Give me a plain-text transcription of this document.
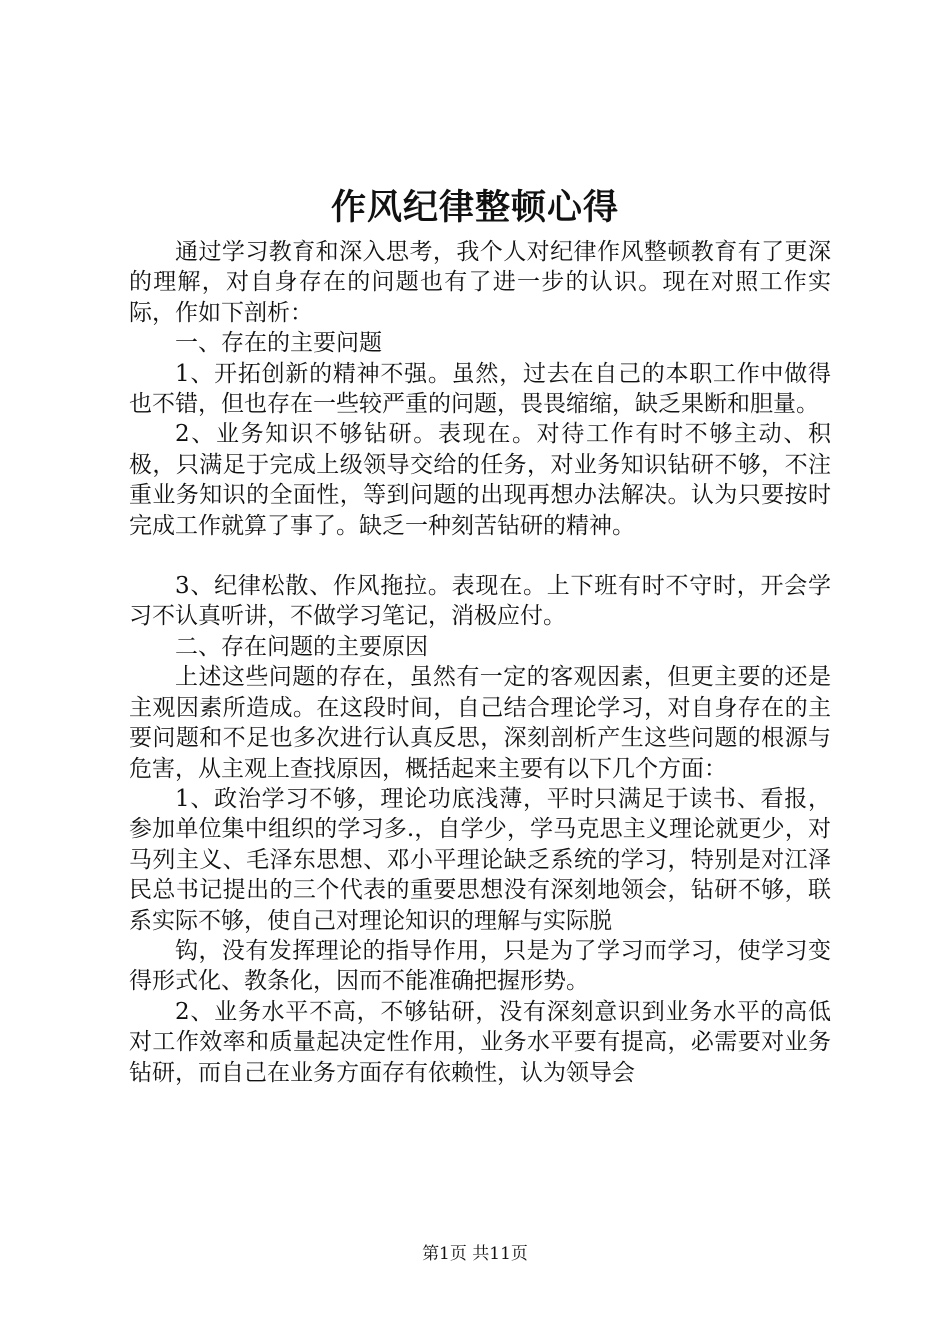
作风纪律整顿心得

通过学习教育和深入思考，我个人对纪律作风整顿教育有了更深的理解，对自身存在的问题也有了进一步的认识。现在对照工作实际，作如下剖析：

一、存在的主要问题

1、开拓创新的精神不强。虽然，过去在自己的本职工作中做得也不错，但也存在一些较严重的问题，畏畏缩缩，缺乏果断和胆量。

2、业务知识不够钻研。表现在。对待工作有时不够主动、积极，只满足于完成上级领导交给的任务，对业务知识钻研不够，不注重业务知识的全面性，等到问题的出现再想办法解决。认为只要按时完成工作就算了事了。缺乏一种刻苦钻研的精神。

3、纪律松散、作风拖拉。表现在。上下班有时不守时，开会学习不认真听讲，不做学习笔记，消极应付。

二、存在问题的主要原因

上述这些问题的存在，虽然有一定的客观因素，但更主要的还是主观因素所造成。在这段时间，自己结合理论学习，对自身存在的主要问题和不足也多次进行认真反思，深刻剖析产生这些问题的根源与危害，从主观上查找原因，概括起来主要有以下几个方面：

1、政治学习不够，理论功底浅薄，平时只满足于读书、看报，参加单位集中组织的学习多.，自学少，学马克思主义理论就更少，对马列主义、毛泽东思想、邓小平理论缺乏系统的学习，特别是对江泽民总书记提出的三个代表的重要思想没有深刻地领会，钻研不够，联系实际不够，使自己对理论知识的理解与实际脱

钩，没有发挥理论的指导作用，只是为了学习而学习，使学习变得形式化、教条化，因而不能准确把握形势。

2、业务水平不高，不够钻研，没有深刻意识到业务水平的高低对工作效率和质量起决定性作用，业务水平要有提高，必需要对业务钻研，而自己在业务方面存有依赖性，认为领导会

第1页 共11页
